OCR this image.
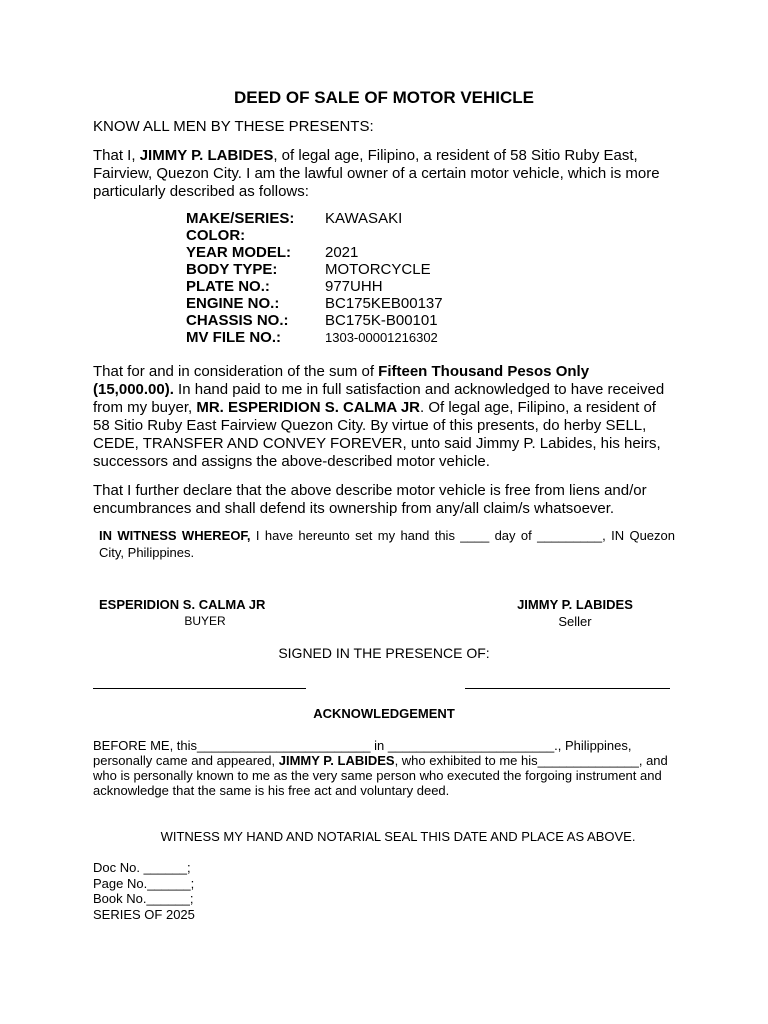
DEED OF SALE OF MOTOR VEHICLE
KNOW ALL MEN BY THESE PRESENTS:
That I, JIMMY P. LABIDES, of legal age, Filipino, a resident of 58 Sitio Ruby East, Fairview, Quezon City. I am the lawful owner of a certain motor vehicle, which is more particularly described as follows:
MAKE/SERIES: KAWASAKI
COLOR:
YEAR MODEL: 2021
BODY TYPE:	MOTORCYCLE
PLATE NO.:	977UHH
ENGINE NO.:	BC175KEB00137
CHASSIS NO.: BC175K-B00101
MV FILE NO.:	1303-00001216302
That for and in consideration of the sum of Fifteen Thousand Pesos Only (15,000.00). In hand paid to me in full satisfaction and acknowledged to have received from my buyer, MR. ESPERIDION S. CALMA JR. Of legal age, Filipino, a resident of 58 Sitio Ruby East Fairview Quezon City. By virtue of this presents, do herby SELL, CEDE, TRANSFER AND CONVEY FOREVER, unto said Jimmy P. Labides, his heirs, successors and assigns the above-described motor vehicle.
That I further declare that the above describe motor vehicle is free from liens and/or encumbrances and shall defend its ownership from any/all claim/s whatsoever.
IN WITNESS WHEREOF, I have hereunto set my hand this ____ day of _________, IN Quezon City, Philippines.
ESPERIDION S. CALMA JR
BUYER
JIMMY P. LABIDES
Seller
SIGNED IN THE PRESENCE OF:
ACKNOWLEDGEMENT
BEFORE ME, this________________________ in _______________________., Philippines, personally came and appeared, JIMMY P. LABIDES, who exhibited to me his______________, and who is personally known to me as the very same person who executed the forgoing instrument and acknowledge that the same is his free act and voluntary deed.
WITNESS MY HAND AND NOTARIAL SEAL THIS DATE AND PLACE AS ABOVE.
Doc No. ______;
Page No.______;
Book No.______;
SERIES OF 2025
